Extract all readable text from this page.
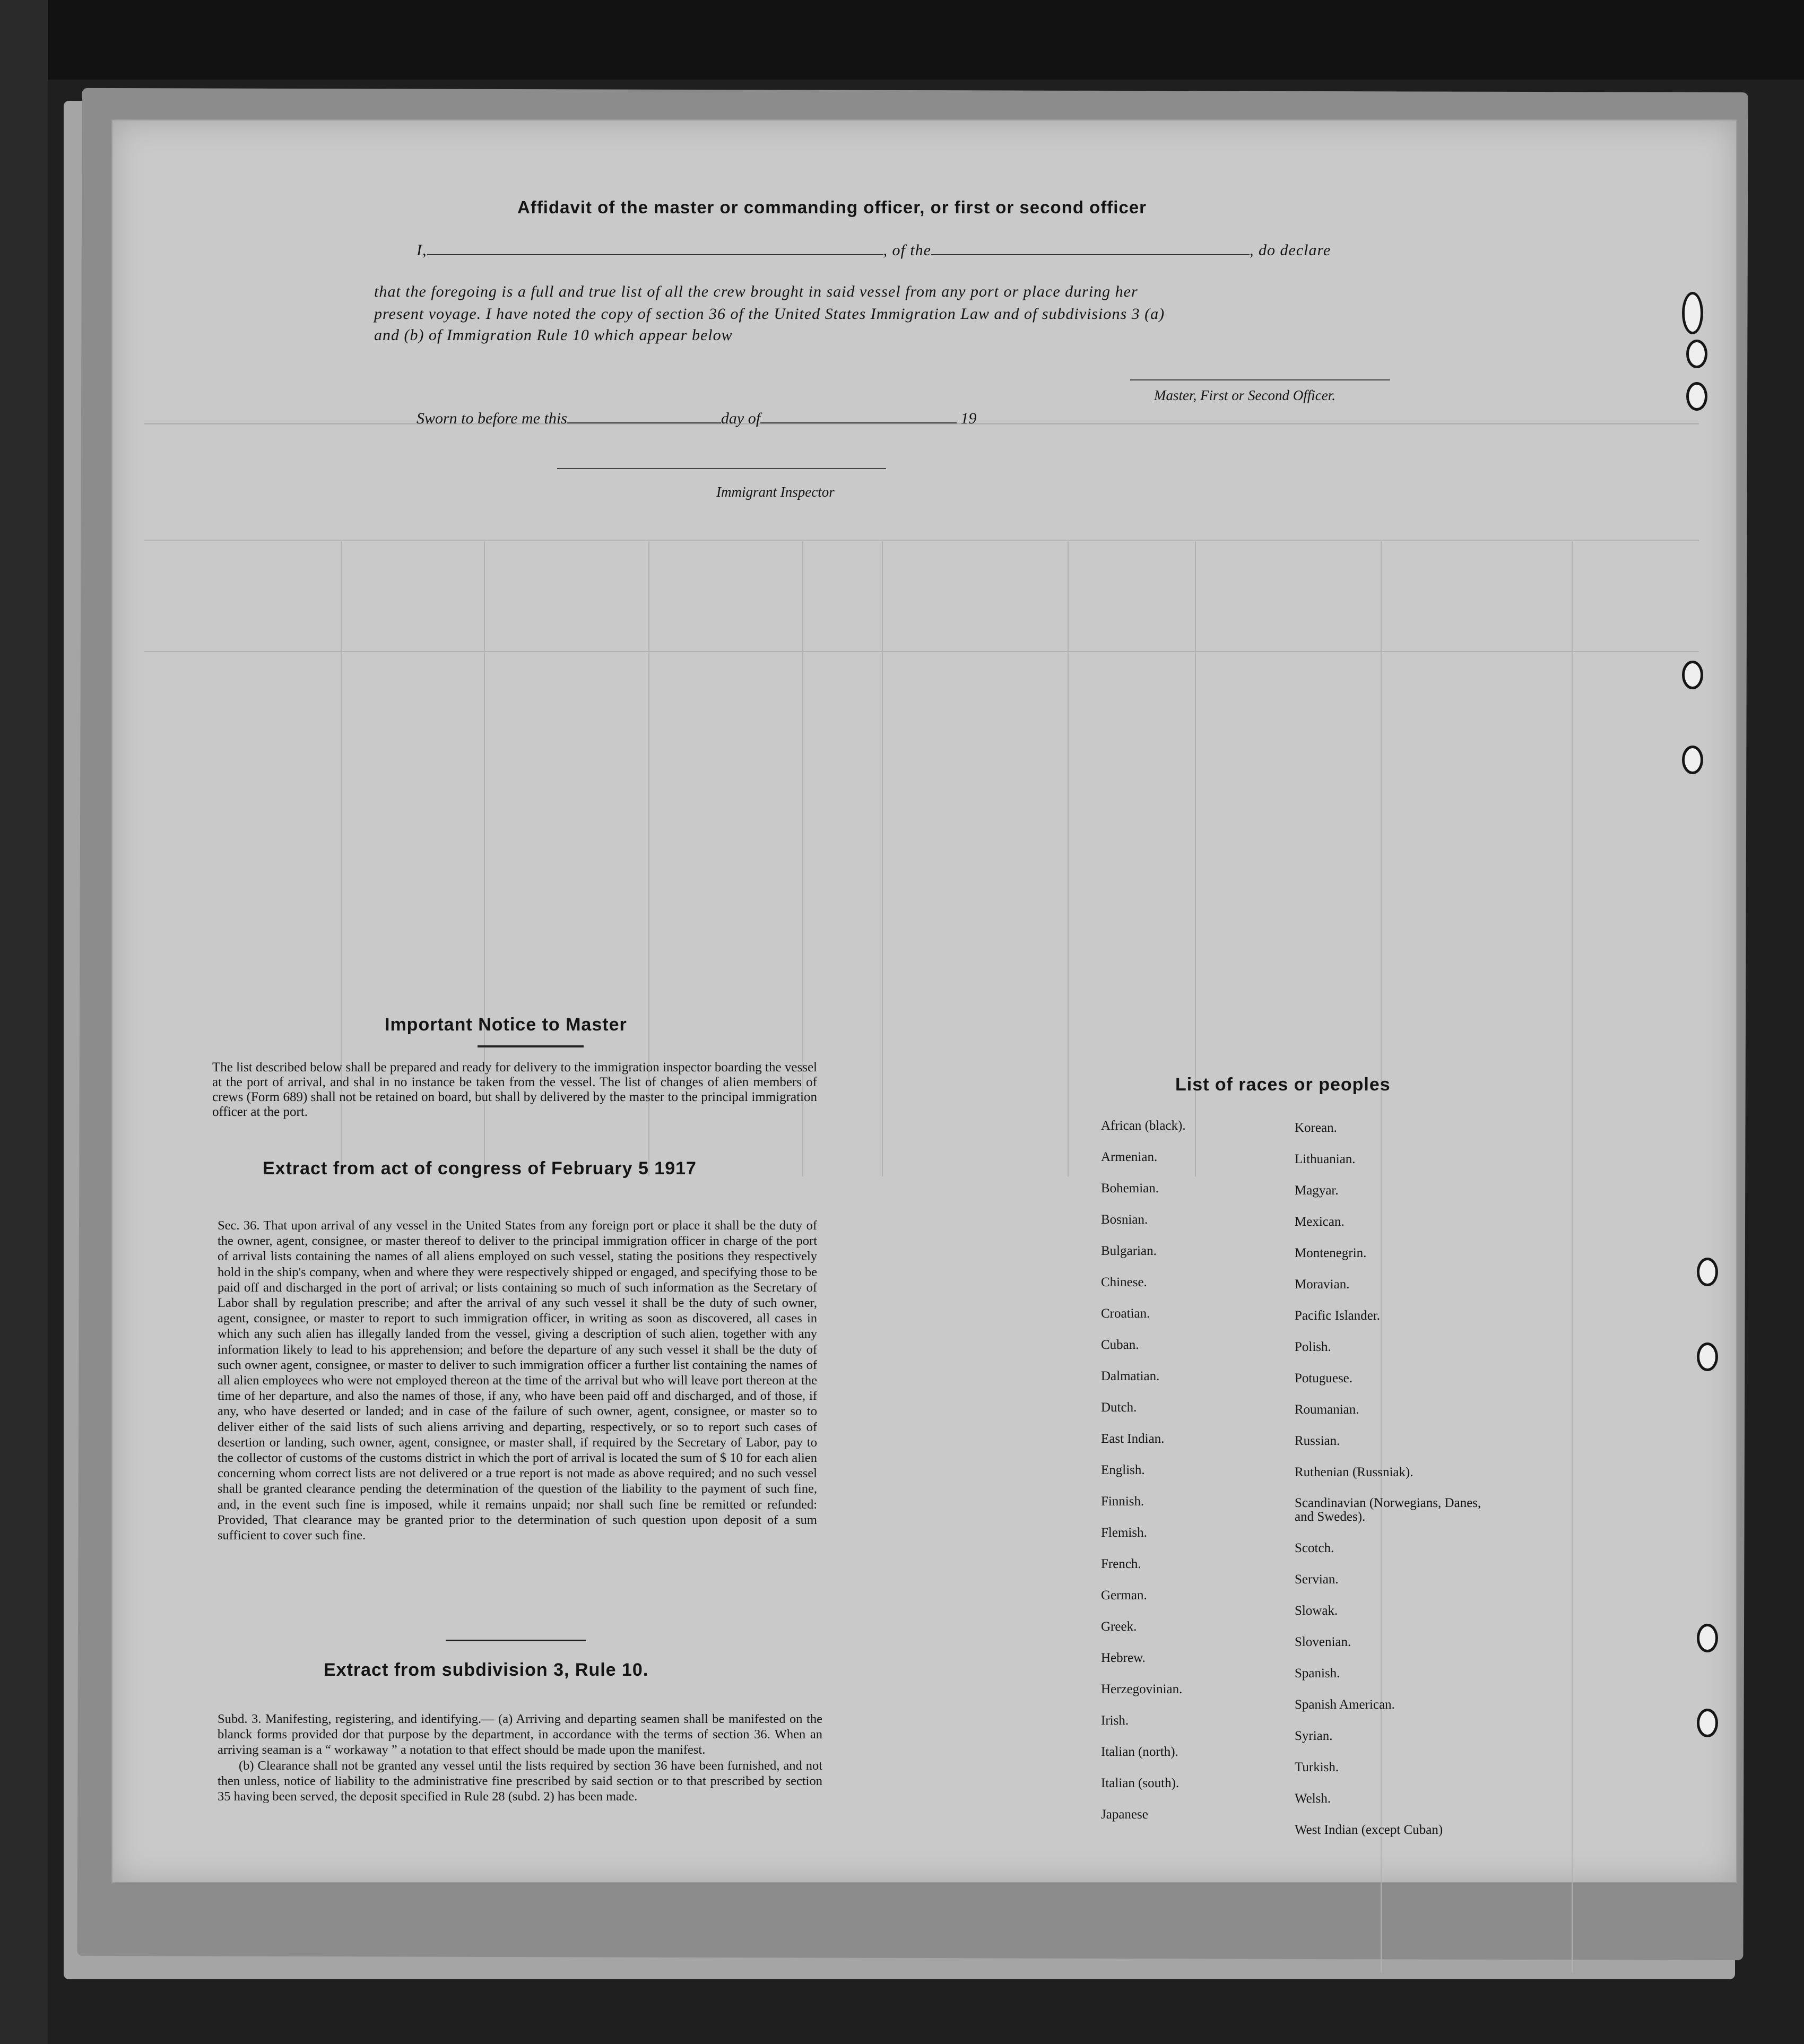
Affidavit of the master or commanding officer, or first or second officer
I,	, of the	, do declare
that the foregoing is a full and true list of all the crew brought in said vessel from any port or place during her
present voyage. I have noted the copy of section 36 of the United States Immigration Law and of subdivisions 3 (a)
and (b) of Immigration Rule 10 which appear below
Master, First or Second Officer.
Sworn to before me this	day of	19
Immigrant Inspector
Important Notice to Master
The list described below shall be prepared and ready for delivery to the immigration inspector boarding the vessel at the port of arrival, and shal in no instance be taken from the vessel. The list of changes of alien members of crews (Form 689) shall not be retained on board, but shall by delivered by the master to the principal immigration officer at the port.
Extract from act of congress of February 5 1917
Sec. 36. That upon arrival of any vessel in the United States from any foreign port or place it shall be the duty of the owner, agent, consignee, or master thereof to deliver to the principal immigration officer in charge of the port of arrival lists containing the names of all aliens employed on such vessel, stating the positions they respectively hold in the ship's company, when and where they were respectively shipped or engaged, and specifying those to be paid off and discharged in the port of arrival; or lists containing so much of such information as the Secretary of Labor shall by regulation prescribe; and after the arrival of any such vessel it shall be the duty of such owner, agent, consignee, or master to report to such immigration officer, in writing as soon as discovered, all cases in which any such alien has illegally landed from the vessel, giving a description of such alien, together with any information likely to lead to his apprehension; and before the departure of any such vessel it shall be the duty of such owner agent, consignee, or master to deliver to such immigration officer a further list containing the names of all alien employees who were not employed thereon at the time of the arrival but who will leave port thereon at the time of her departure, and also the names of those, if any, who have been paid off and discharged, and of those, if any, who have deserted or landed; and in case of the failure of such owner, agent, consignee, or master so to deliver either of the said lists of such aliens arriving and departing, respectively, or so to report such cases of desertion or landing, such owner, agent, consignee, or master shall, if required by the Secretary of Labor, pay to the collector of customs of the customs district in which the port of arrival is located the sum of $ 10 for each alien concerning whom correct lists are not delivered or a true report is not made as above required; and no such vessel shall be granted clearance pending the determination of the question of the liability to the payment of such fine, and, in the event such fine is imposed, while it remains unpaid; nor shall such fine be remitted or refunded: Provided, That clearance may be granted prior to the determination of such question upon deposit of a sum sufficient to cover such fine.
Extract from subdivision 3, Rule 10.
Subd. 3. Manifesting, registering, and identifying.— (a) Arriving and departing seamen shall be manifested on the blanck forms provided dor that purpose by the department, in accordance with the terms of section 36. When an arriving seaman is a “ workaway ” a notation to that effect should be made upon the manifest.
(b) Clearance shall not be granted any vessel until the lists required by section 36 have been furnished, and not then unless, notice of liability to the administrative fine prescribed by said section or to that prescribed by section 35 having been served, the deposit specified in Rule 28 (subd. 2) has been made.
List of races or peoples
African (black).
Armenian.
Bohemian.
Bosnian.
Bulgarian.
Chinese.
Croatian.
Cuban.
Dalmatian.
Dutch.
East Indian.
English.
Finnish.
Flemish.
French.
German.
Greek.
Hebrew.
Herzegovinian.
Irish.
Italian (north).
Italian (south).
Japanese
Korean.
Lithuanian.
Magyar.
Mexican.
Montenegrin.
Moravian.
Pacific Islander.
Polish.
Potuguese.
Roumanian.
Russian.
Ruthenian (Russniak).
Scandinavian (Norwegians, Danes, and Swedes).
Scotch.
Servian.
Slowak.
Slovenian.
Spanish.
Spanish American.
Syrian.
Turkish.
Welsh.
West Indian (except Cuban)
